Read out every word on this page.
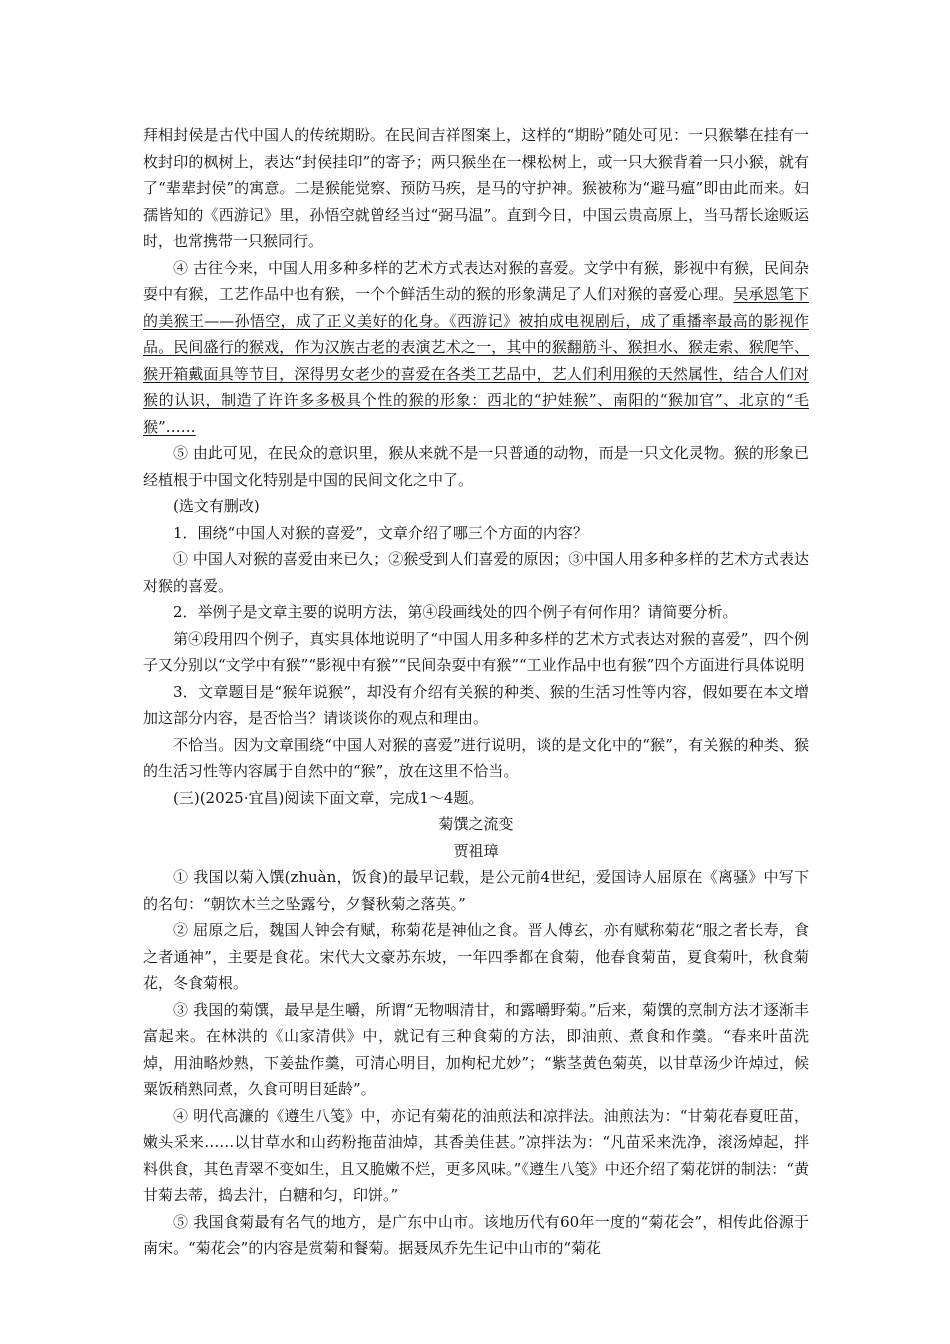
拜相封侯是古代中国人的传统期盼。在民间吉祥图案上，这样的“期盼”随处可见：一只猴攀在挂有一枚封印的枫树上，表达“封侯挂印”的寄予；两只猴坐在一棵松树上，或一只大猴背着一只小猴，就有了“辈辈封侯”的寓意。二是猴能觉察、预防马疾，是马的守护神。猴被称为“避马瘟”即由此而来。妇孺皆知的《西游记》里，孙悟空就曾经当过“弼马温”。直到今日，中国云贵高原上，当马帮长途贩运时，也常携带一只猴同行。

④ 古往今来，中国人用多种多样的艺术方式表达对猴的喜爱。文学中有猴，影视中有猴，民间杂耍中有猴，工艺作品中也有猴，一个个鲜活生动的猴的形象满足了人们对猴的喜爱心理。吴承恩笔下的美猴王——孙悟空，成了正义美好的化身。《西游记》被拍成电视剧后，成了重播率最高的影视作品。民间盛行的猴戏，作为汉族古老的表演艺术之一，其中的猴翻筋斗、猴担水、猴走索、猴爬竿、猴开箱戴面具等节目，深得男女老少的喜爱在各类工艺品中，艺人们利用猴的天然属性，结合人们对猴的认识，制造了许许多多极具个性的猴的形象：西北的“护娃猴”、南阳的“猴加官”、北京的“毛猴”……

⑤ 由此可见，在民众的意识里，猴从来就不是一只普通的动物，而是一只文化灵物。猴的形象已经植根于中国文化特别是中国的民间文化之中了。

(选文有删改)

1．围绕“中国人对猴的喜爱”，文章介绍了哪三个方面的内容？

① 中国人对猴的喜爱由来已久；②猴受到人们喜爱的原因；③中国人用多种多样的艺术方式表达对猴的喜爱。

2．举例子是文章主要的说明方法，第④段画线处的四个例子有何作用？请简要分析。

第④段用四个例子，真实具体地说明了“中国人用多种多样的艺术方式表达对猴的喜爱”，四个例子又分别以“文学中有猴”“影视中有猴”“民间杂耍中有猴”“工业作品中也有猴”四个方面进行具体说明

3．文章题目是“猴年说猴”，却没有介绍有关猴的种类、猴的生活习性等内容，假如要在本文增加这部分内容，是否恰当？请谈谈你的观点和理由。

不恰当。因为文章围绕“中国人对猴的喜爱”进行说明，谈的是文化中的“猴”，有关猴的种类、猴的生活习性等内容属于自然中的“猴”，放在这里不恰当。

(三)(2025·宜昌)阅读下面文章，完成1～4题。

菊馔之流变

贾祖璋

① 我国以菊入馔(zhuàn，饭食)的最早记载，是公元前4世纪，爱国诗人屈原在《离骚》中写下的名句：“朝饮木兰之坠露兮，夕餐秋菊之落英。”

② 屈原之后，魏国人钟会有赋，称菊花是神仙之食。晋人傅玄，亦有赋称菊花“服之者长寿，食之者通神”，主要是食花。宋代大文豪苏东坡，一年四季都在食菊，他春食菊苗，夏食菊叶，秋食菊花，冬食菊根。

③ 我国的菊馔，最早是生嚼，所谓“无物咽清甘，和露嚼野菊。”后来，菊馔的烹制方法才逐渐丰富起来。在林洪的《山家清供》中，就记有三种食菊的方法，即油煎、煮食和作羹。“春来叶苗洗焯，用油略炒熟，下姜盐作羹，可清心明目，加枸杞尤妙”；“紫茎黄色菊英，以甘草汤少许焯过，候粟饭稍熟同煮，久食可明目延龄”。

④ 明代高濂的《遵生八笺》中，亦记有菊花的油煎法和凉拌法。油煎法为：“甘菊花春夏旺苗，嫩头采来……以甘草水和山药粉拖苗油焯，其香美佳甚。”凉拌法为：“凡苗采来洗净，滚汤焯起，拌料供食，其色青翠不变如生，且又脆嫩不烂，更多风味。”《遵生八笺》中还介绍了菊花饼的制法：“黄甘菊去蒂，捣去汁，白糖和匀，印饼。”

⑤ 我国食菊最有名气的地方，是广东中山市。该地历代有60年一度的“菊花会”，相传此俗源于南宋。“菊花会”的内容是赏菊和餐菊。据聂凤乔先生记中山市的“菊花
